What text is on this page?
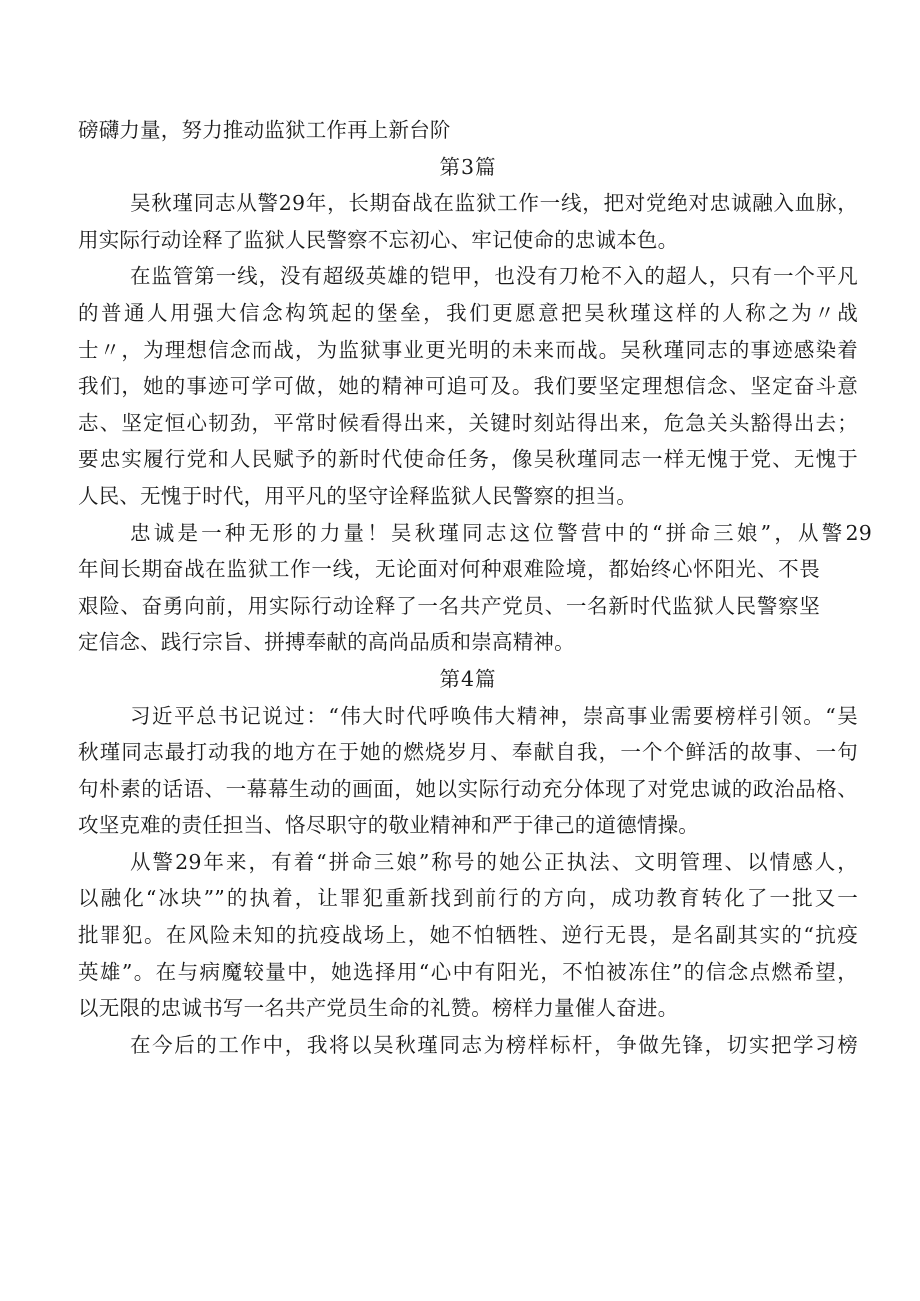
磅礴力量，努力推动监狱工作再上新台阶
第3篇
吴秋瑾同志从警29年，长期奋战在监狱工作一线，把对党绝对忠诚融入血脉，
用实际行动诠释了监狱人民警察不忘初心、牢记使命的忠诚本色。
在监管第一线，没有超级英雄的铠甲，也没有刀枪不入的超人，只有一个平凡
的普通人用强大信念构筑起的堡垒，我们更愿意把吴秋瑾这样的人称之为〃战
士〃，为理想信念而战，为监狱事业更光明的未来而战。吴秋瑾同志的事迹感染着
我们，她的事迹可学可做，她的精神可追可及。我们要坚定理想信念、坚定奋斗意
志、坚定恒心韧劲，平常时候看得出来，关键时刻站得出来，危急关头豁得出去；
要忠实履行党和人民赋予的新时代使命任务，像吴秋瑾同志一样无愧于党、无愧于
人民、无愧于时代，用平凡的坚守诠释监狱人民警察的担当。
忠诚是一种无形的力量！吴秋瑾同志这位警营中的“拼命三娘”，从警29
年间长期奋战在监狱工作一线，无论面对何种艰难险境，都始终心怀阳光、不畏
艰险、奋勇向前，用实际行动诠释了一名共产党员、一名新时代监狱人民警察坚
定信念、践行宗旨、拼搏奉献的高尚品质和崇高精神。
第4篇
习近平总书记说过：“伟大时代呼唤伟大精神，崇高事业需要榜样引领。“吴
秋瑾同志最打动我的地方在于她的燃烧岁月、奉献自我，一个个鲜活的故事、一句
句朴素的话语、一幕幕生动的画面，她以实际行动充分体现了对党忠诚的政治品格、
攻坚克难的责任担当、恪尽职守的敬业精神和严于律己的道德情操。
从警29年来，有着“拼命三娘”称号的她公正执法、文明管理、以情感人，
以融化“冰块””的执着，让罪犯重新找到前行的方向，成功教育转化了一批又一
批罪犯。在风险未知的抗疫战场上，她不怕牺牲、逆行无畏，是名副其实的“抗疫
英雄”。在与病魔较量中，她选择用“心中有阳光，不怕被冻住”的信念点燃希望，
以无限的忠诚书写一名共产党员生命的礼赞。榜样力量催人奋进。
在今后的工作中，我将以吴秋瑾同志为榜样标杆，争做先锋，切实把学习榜
